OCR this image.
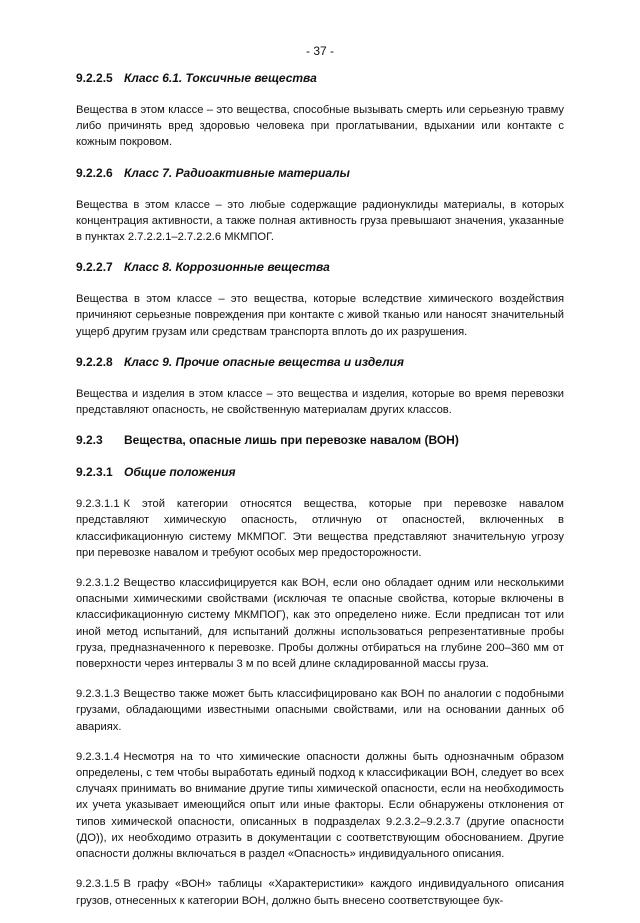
- 37 -
9.2.2.5 Класс 6.1. Токсичные вещества
Вещества в этом классе – это вещества, способные вызывать смерть или серьезную травму либо причинять вред здоровью человека при проглатывании, вдыхании или контакте с кожным покровом.
9.2.2.6 Класс 7. Радиоактивные материалы
Вещества в этом классе – это любые содержащие радионуклиды материалы, в которых концентрация активности, а также полная активность груза превышают значения, указанные в пунктах 2.7.2.2.1–2.7.2.2.6 МКМПОГ.
9.2.2.7 Класс 8. Коррозионные вещества
Вещества в этом классе – это вещества, которые вследствие химического воздействия причиняют серьезные повреждения при контакте с живой тканью или наносят значительный ущерб другим грузам или средствам транспорта вплоть до их разрушения.
9.2.2.8 Класс 9. Прочие опасные вещества и изделия
Вещества и изделия в этом классе – это вещества и изделия, которые во время перевозки представляют опасность, не свойственную материалам других классов.
9.2.3 Вещества, опасные лишь при перевозке навалом (ВОН)
9.2.3.1 Общие положения
9.2.3.1.1 К этой категории относятся вещества, которые при перевозке навалом представляют химическую опасность, отличную от опасностей, включенных в классификационную систему МКМПОГ. Эти вещества представляют значительную угрозу при перевозке навалом и требуют особых мер предосторожности.
9.2.3.1.2 Вещество классифицируется как ВОН, если оно обладает одним или несколькими опасными химическими свойствами (исключая те опасные свойства, которые включены в классификационную систему МКМПОГ), как это определено ниже. Если предписан тот или иной метод испытаний, для испытаний должны использоваться репрезентативные пробы груза, предназначенного к перевозке. Пробы должны отбираться на глубине 200–360 мм от поверхности через интервалы 3 м по всей длине складированной массы груза.
9.2.3.1.3 Вещество также может быть классифицировано как ВОН по аналогии с подобными грузами, обладающими известными опасными свойствами, или на основании данных об авариях.
9.2.3.1.4 Несмотря на то что химические опасности должны быть однозначным образом определены, с тем чтобы выработать единый подход к классификации ВОН, следует во всех случаях принимать во внимание другие типы химической опасности, если на необходимость их учета указывает имеющийся опыт или иные факторы. Если обнаружены отклонения от типов химической опасности, описанных в подразделах 9.2.3.2–9.2.3.7 (другие опасности (ДО)), их необходимо отразить в документации с соответствующим обоснованием. Другие опасности должны включаться в раздел «Опасность» индивидуального описания.
9.2.3.1.5 В графу «ВОН» таблицы «Характеристики» каждого индивидуального описания грузов, отнесенных к категории ВОН, должно быть внесено соответствующее бук-
